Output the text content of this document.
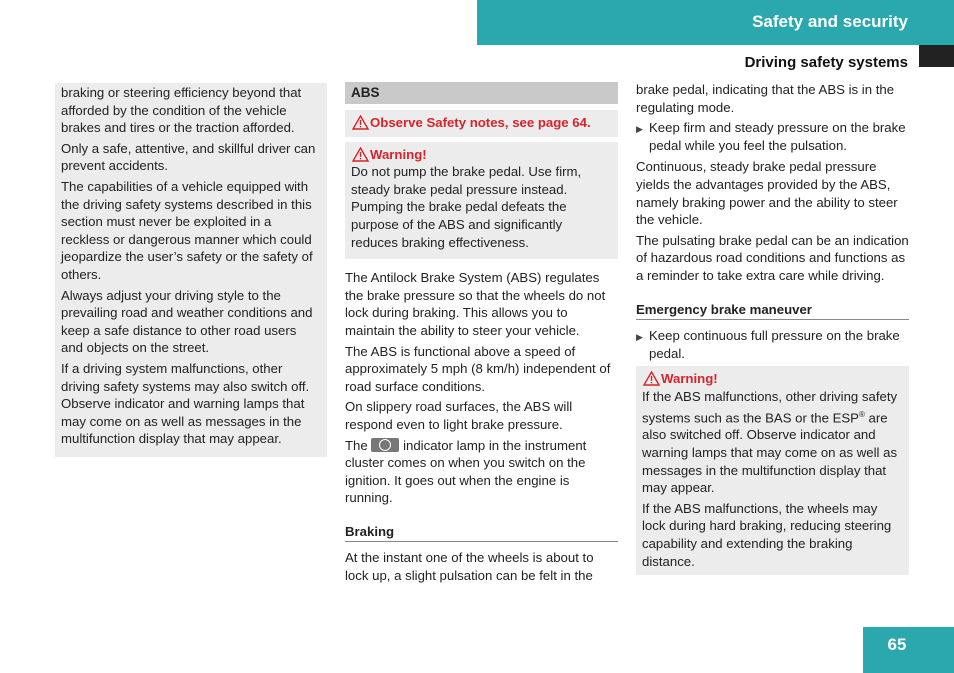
Safety and security
Driving safety systems

braking or steering efficiency beyond that afforded by the condition of the vehicle brakes and tires or the traction afforded.

Only a safe, attentive, and skillful driver can prevent accidents.

The capabilities of a vehicle equipped with the driving safety systems described in this section must never be exploited in a reckless or dangerous manner which could jeopardize the user’s safety or the safety of others.

Always adjust your driving style to the prevailing road and weather conditions and keep a safe distance to other road users and objects on the street.

If a driving system malfunctions, other driving safety systems may also switch off. Observe indicator and warning lamps that may come on as well as messages in the multifunction display that may appear.

ABS
Observe Safety notes, see page 64.
Warning!

Do not pump the brake pedal. Use firm, steady brake pedal pressure instead. Pumping the brake pedal defeats the purpose of the ABS and significantly reduces braking effectiveness.

The Antilock Brake System (ABS) regulates the brake pressure so that the wheels do not lock during braking. This allows you to maintain the ability to steer your vehicle.

The ABS is functional above a speed of approximately 5 mph (8 km/h) independent of road surface conditions.

On slippery road surfaces, the ABS will respond even to light brake pressure.

The	indicator lamp in the instrument cluster comes on when you switch on the ignition. It goes out when the engine is running.

Braking

At the instant one of the wheels is about to lock up, a slight pulsation can be felt in the

brake pedal, indicating that the ABS is in the regulating mode.

▶ Keep firm and steady pressure on the brake pedal while you feel the pulsation.

Continuous, steady brake pedal pressure yields the advantages provided by the ABS, namely braking power and the ability to steer the vehicle.

The pulsating brake pedal can be an indication of hazardous road conditions and functions as a reminder to take extra care while driving.

Emergency brake maneuver
▶ Keep continuous full pressure on the brake pedal.
Warning!

If the ABS malfunctions, other driving safety systems such as the BAS or the ESP® are also switched off. Observe indicator and warning lamps that may come on as well as messages in the multifunction display that may appear.

If the ABS malfunctions, the wheels may lock during hard braking, reducing steering capability and extending the braking distance.

65
